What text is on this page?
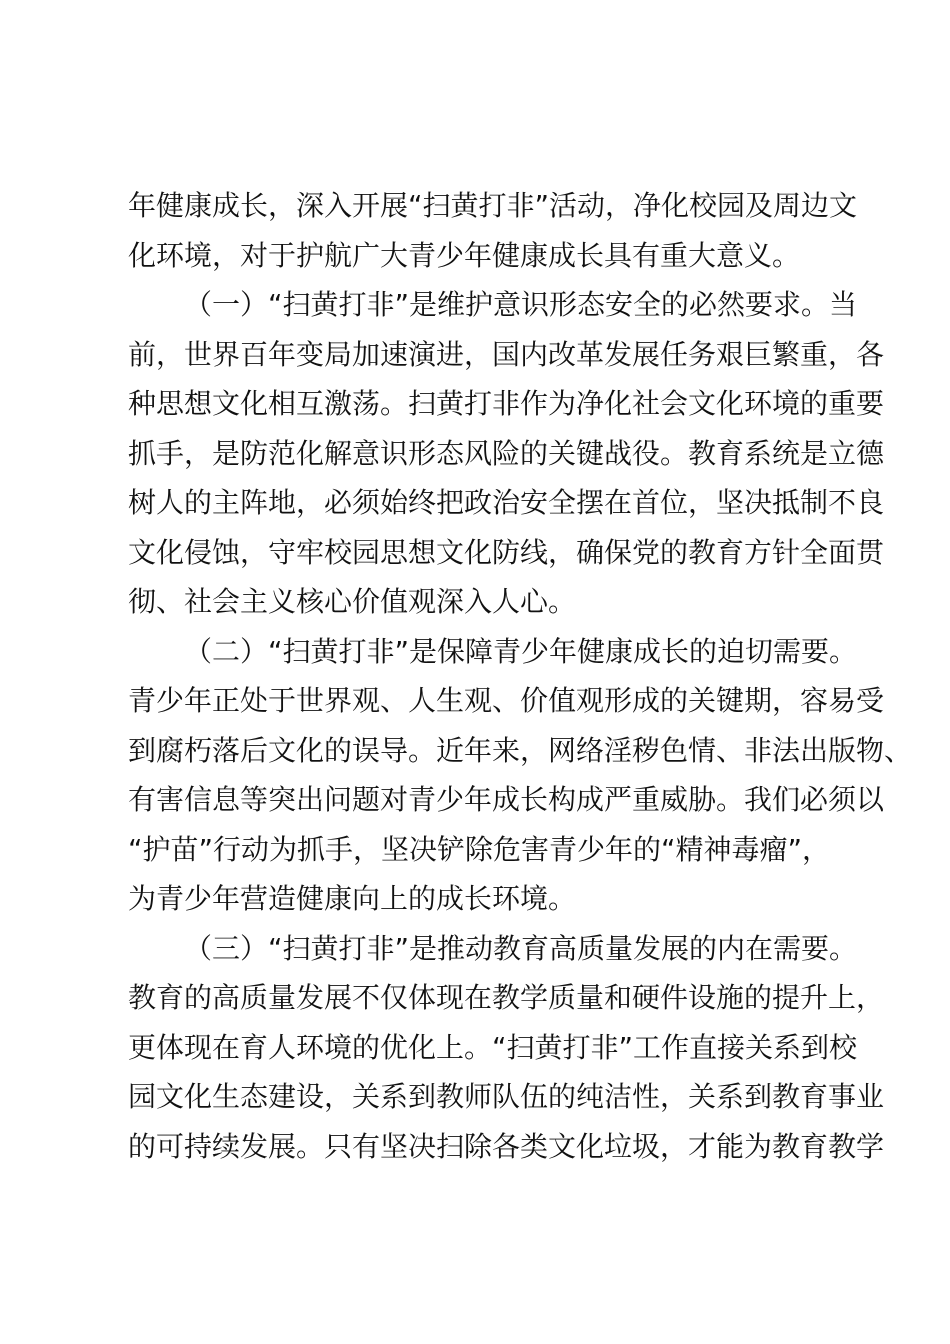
年健康成长，深入开展“扫黄打非”活动，净化校园及周边文
化环境，对于护航广大青少年健康成长具有重大意义。
（一）“扫黄打非”是维护意识形态安全的必然要求。当
前，世界百年变局加速演进，国内改革发展任务艰巨繁重，各
种思想文化相互激荡。扫黄打非作为净化社会文化环境的重要
抓手，是防范化解意识形态风险的关键战役。教育系统是立德
树人的主阵地，必须始终把政治安全摆在首位，坚决抵制不良
文化侵蚀，守牢校园思想文化防线，确保党的教育方针全面贯
彻、社会主义核心价值观深入人心。
（二）“扫黄打非”是保障青少年健康成长的迫切需要。
青少年正处于世界观、人生观、价值观形成的关键期，容易受
到腐朽落后文化的误导。近年来，网络淫秽色情、非法出版物、
有害信息等突出问题对青少年成长构成严重威胁。我们必须以
“护苗”行动为抓手，坚决铲除危害青少年的“精神毒瘤”，
为青少年营造健康向上的成长环境。
（三）“扫黄打非”是推动教育高质量发展的内在需要。
教育的高质量发展不仅体现在教学质量和硬件设施的提升上，
更体现在育人环境的优化上。“扫黄打非”工作直接关系到校
园文化生态建设，关系到教师队伍的纯洁性，关系到教育事业
的可持续发展。只有坚决扫除各类文化垃圾，才能为教育教学
